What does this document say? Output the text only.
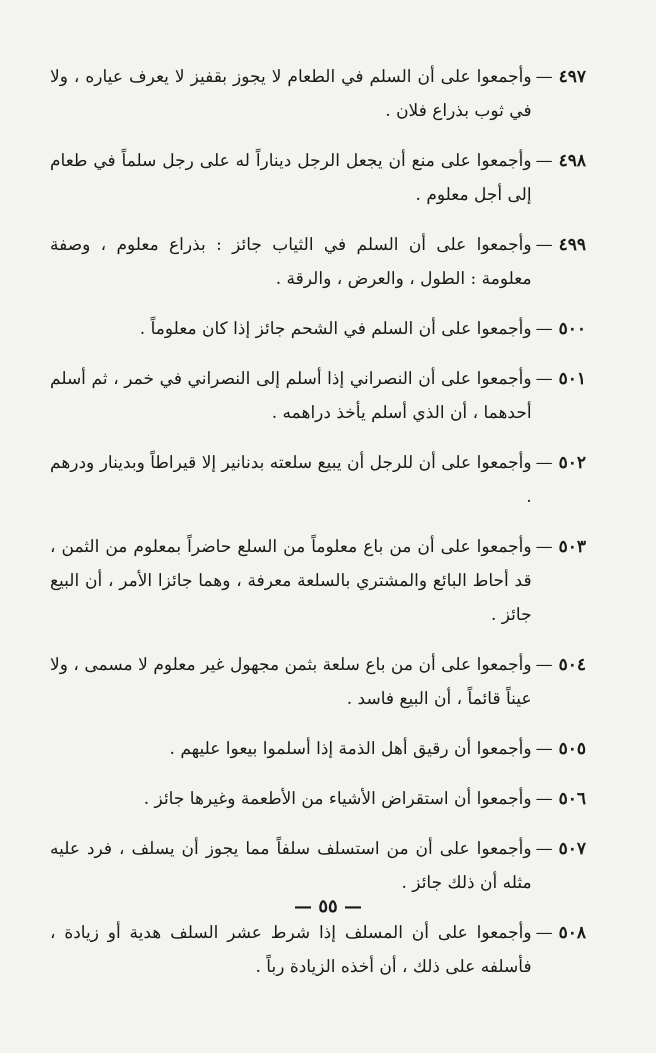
٤٩٧
—
وأجمعوا على أن السلم في الطعام لا يجوز بقفيز لا يعرف عياره ، ولا في ثوب بذراع فلان .
٤٩٨
—
وأجمعوا على منع أن يجعل الرجل ديناراً له على رجل سلماً في طعام إلى أجل معلوم .
٤٩٩
—
وأجمعوا على أن السلم في الثياب جائز : بذراع معلوم ، وصفة معلومة : الطول ، والعرض ، والرقة .
٥٠٠
—
وأجمعوا على أن السلم في الشحم جائز إذا كان معلوماً .
٥٠١
—
وأجمعوا على أن النصراني إذا أسلم إلى النصراني في خمر ، ثم أسلم أحدهما ، أن الذي أسلم يأخذ دراهمه .
٥٠٢
—
وأجمعوا على أن للرجل أن يبيع سلعته بدنانير إلا قيراطاً وبدينار ودرهم .
٥٠٣
—
وأجمعوا على أن من باع معلوماً من السلع حاضراً بمعلوم من الثمن ، قد أحاط البائع والمشتري بالسلعة معرفة ، وهما جائزا الأمر ، أن البيع جائز .
٥٠٤
—
وأجمعوا على أن من باع سلعة بثمن مجهول غير معلوم لا مسمى ، ولا عيناً قائماً ، أن البيع فاسد .
٥٠٥
—
وأجمعوا أن رقيق أهل الذمة إذا أسلموا بيعوا عليهم .
٥٠٦
—
وأجمعوا أن استقراض الأشياء من الأطعمة وغيرها جائز .
٥٠٧
—
وأجمعوا على أن من استسلف سلفاً مما يجوز أن يسلف ، فرد عليه مثله أن ذلك جائز .
٥٠٨
—
وأجمعوا على أن المسلف إذا شرط عشر السلف هدية أو زيادة ، فأسلفه على ذلك ، أن أخذه الزيادة رباً .
— ٥٥ —
